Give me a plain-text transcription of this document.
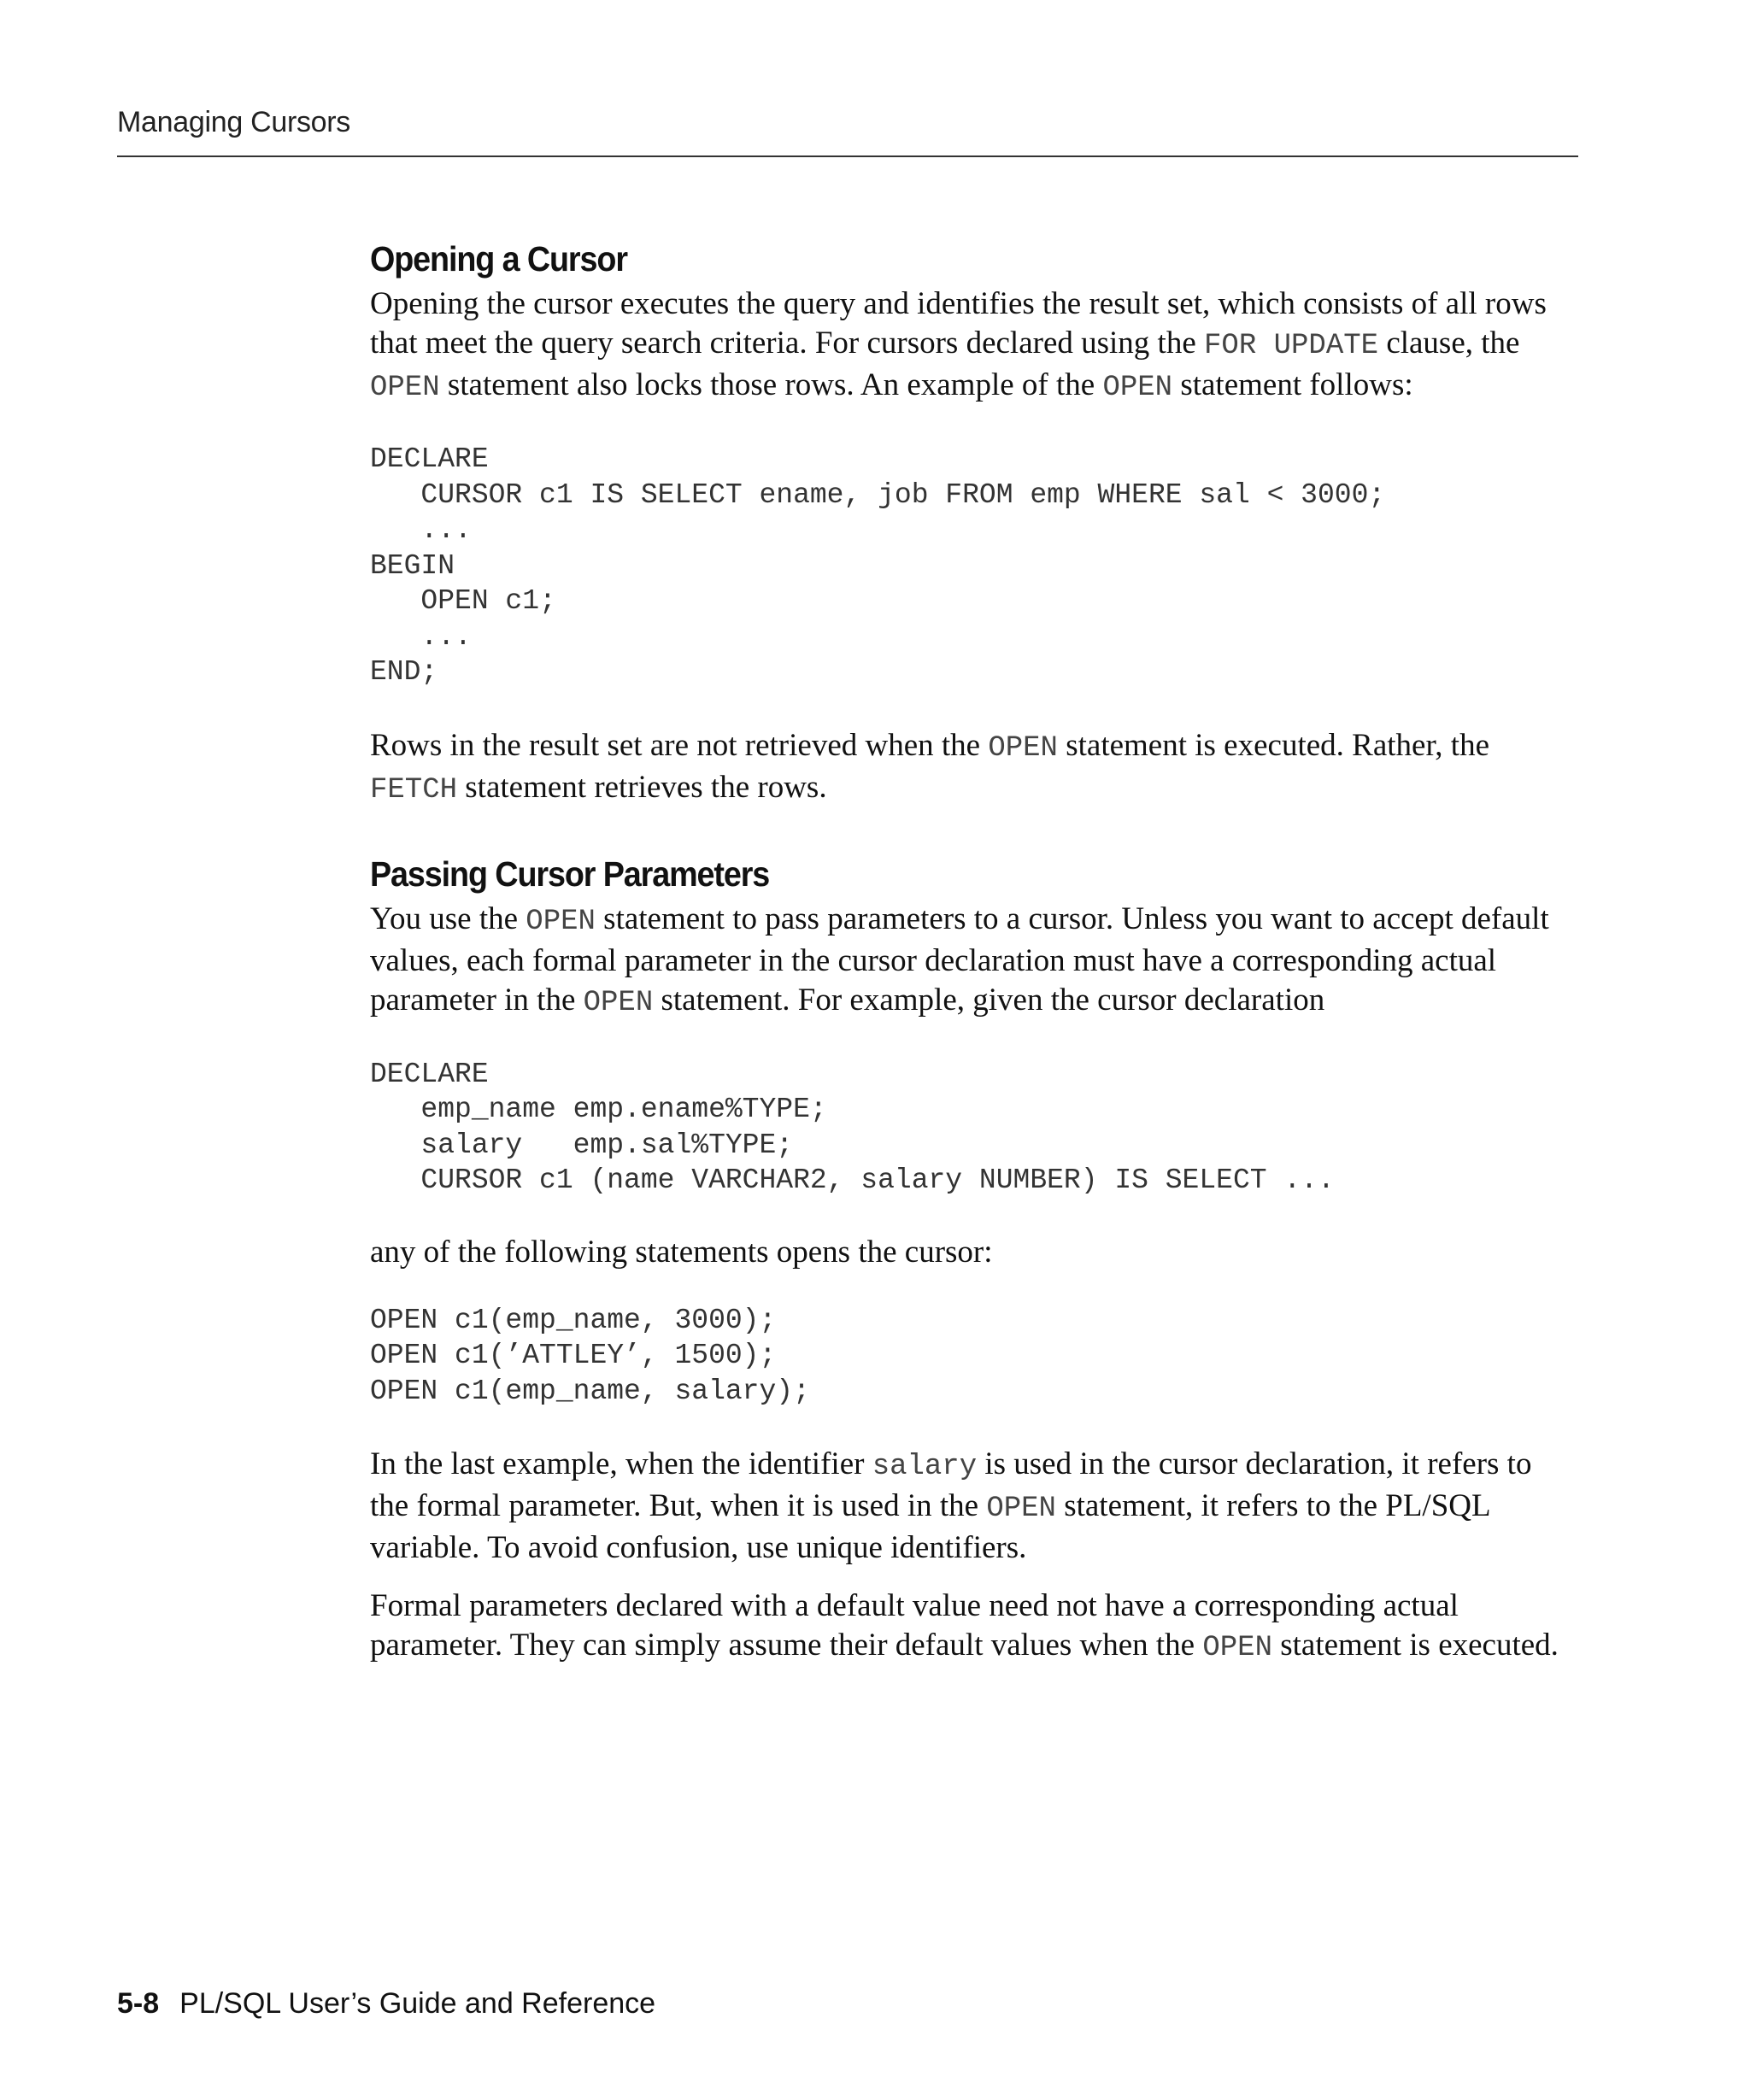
Managing Cursors
Opening a Cursor

Opening the cursor executes the query and identifies the result set, which consists of all rows that meet the query search criteria. For cursors declared using the FOR UPDATE clause, the OPEN statement also locks those rows. An example of the OPEN statement follows:

DECLARE
CURSOR c1 IS SELECT ename, job FROM emp WHERE sal < 3000;
...
BEGIN
OPEN c1;
...
END;

Rows in the result set are not retrieved when the OPEN statement is executed. Rather, the FETCH statement retrieves the rows.

Passing Cursor Parameters

You use the OPEN statement to pass parameters to a cursor. Unless you want to accept default values, each formal parameter in the cursor declaration must have a corresponding actual parameter in the OPEN statement. For example, given the cursor declaration

DECLARE
emp_name emp.ename%TYPE;
salary   emp.sal%TYPE;
CURSOR c1 (name VARCHAR2, salary NUMBER) IS SELECT ...

any of the following statements opens the cursor:

OPEN c1(emp_name, 3000);
OPEN c1(’ATTLEY’, 1500);
OPEN c1(emp_name, salary);

In the last example, when the identifier salary is used in the cursor declaration, it refers to the formal parameter. But, when it is used in the OPEN statement, it refers to the PL/SQL variable. To avoid confusion, use unique identifiers.

Formal parameters declared with a default value need not have a corresponding actual parameter. They can simply assume their default values when the OPEN statement is executed.

5-8 PL/SQL User’s Guide and Reference
